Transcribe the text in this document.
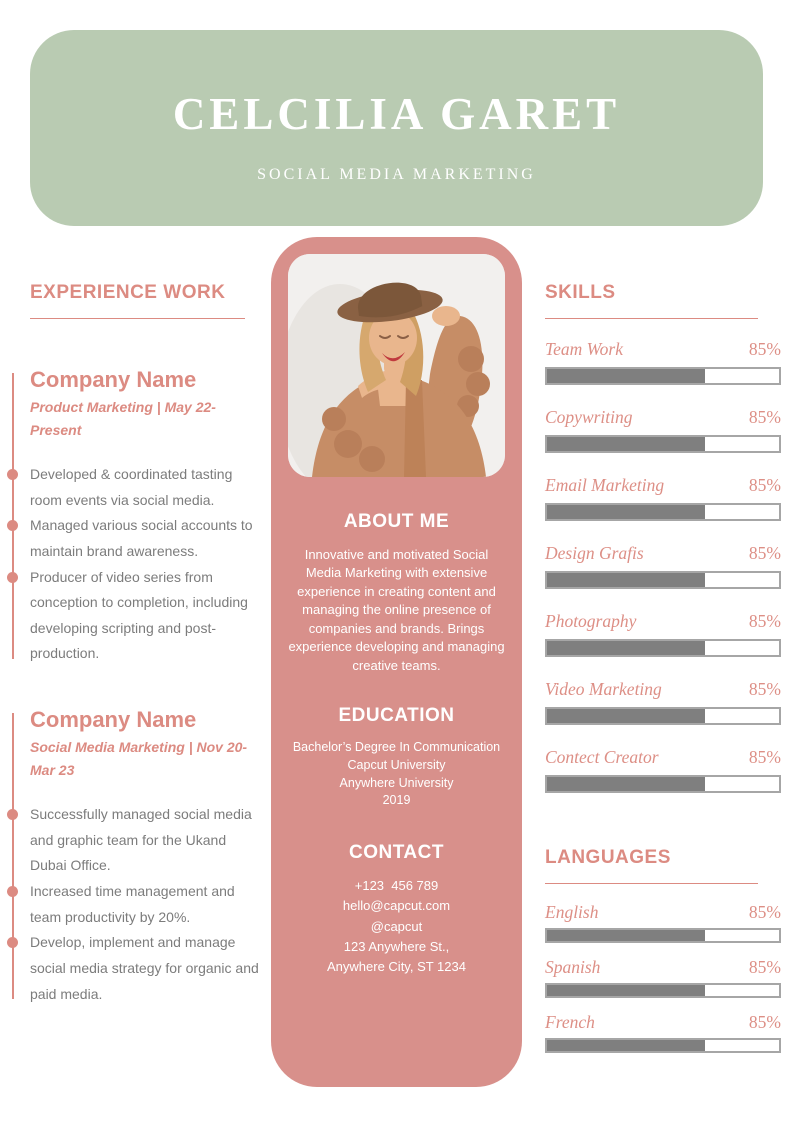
CELCILIA GARET
SOCIAL MEDIA MARKETING
EXPERIENCE WORK
Company Name
Product Marketing | May 22-Present
Developed & coordinated tasting room events via social media.
Managed various social accounts to maintain brand awareness.
Producer of video series from conception to completion, including developing scripting and post-production.
Company Name
Social Media Marketing | Nov 20-Mar 23
Successfully managed social media and graphic team for the Ukand Dubai Office.
Increased time management and team productivity by 20%.
Develop, implement and manage social media strategy for organic and paid media.
ABOUT ME
Innovative and motivated Social Media Marketing with extensive experience in creating content and managing the online presence of companies and brands. Brings experience developing and managing creative teams.
EDUCATION
Bachelor’s Degree In Communication
Capcut University
Anywhere University
2019
CONTACT
+123  456 789
hello@capcut.com
@capcut
123 Anywhere St.,
Anywhere City, ST 1234
SKILLS
Team Work	85%
Copywriting	85%
Email Marketing	85%
Design Grafis	85%
Photography	85%
Video Marketing	85%
Contect Creator	85%
LANGUAGES
English	85%
Spanish	85%
French	85%
